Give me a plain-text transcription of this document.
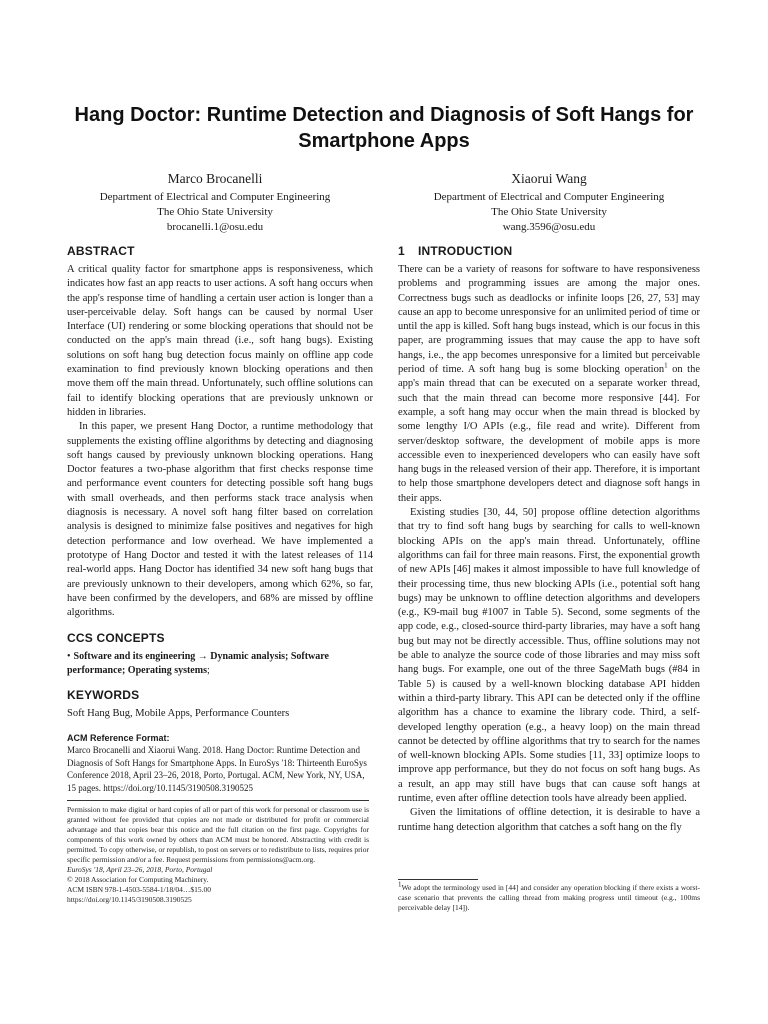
Hang Doctor: Runtime Detection and Diagnosis of Soft Hangs for Smartphone Apps
Marco Brocanelli
Department of Electrical and Computer Engineering
The Ohio State University
brocanelli.1@osu.edu
Xiaorui Wang
Department of Electrical and Computer Engineering
The Ohio State University
wang.3596@osu.edu
ABSTRACT

A critical quality factor for smartphone apps is responsiveness, which indicates how fast an app reacts to user actions. A soft hang occurs when the app's response time of handling a certain user action is longer than a user-perceivable delay. Soft hangs can be caused by normal User Interface (UI) rendering or some blocking operations that should not be conducted on the app's main thread (i.e., soft hang bugs). Existing solutions on soft hang bug detection focus mainly on offline app code examination to find previously known blocking operations and then move them off the main thread. Unfortunately, such offline solutions can fail to identify blocking operations that are previously unknown or hidden in libraries.

In this paper, we present Hang Doctor, a runtime methodology that supplements the existing offline algorithms by detecting and diagnosing soft hangs caused by previously unknown blocking operations. Hang Doctor features a two-phase algorithm that first checks response time and performance event counters for detecting possible soft hang bugs with small overheads, and then performs stack trace analysis when diagnosis is necessary. A novel soft hang filter based on correlation analysis is designed to minimize false positives and negatives for high detection performance and low overhead. We have implemented a prototype of Hang Doctor and tested it with the latest releases of 114 real-world apps. Hang Doctor has identified 34 new soft hang bugs that are previously unknown to their developers, among which 62%, so far, have been confirmed by the developers, and 68% are missed by offline algorithms.

CCS CONCEPTS
• Software and its engineering → Dynamic analysis; Software performance; Operating systems;
KEYWORDS
Soft Hang Bug, Mobile Apps, Performance Counters
ACM Reference Format:
Marco Brocanelli and Xiaorui Wang. 2018. Hang Doctor: Runtime Detection and Diagnosis of Soft Hangs for Smartphone Apps. In EuroSys '18: Thirteenth EuroSys Conference 2018, April 23–26, 2018, Porto, Portugal. ACM, New York, NY, USA, 15 pages. https://doi.org/10.1145/3190508.3190525
Permission to make digital or hard copies of all or part of this work for personal or classroom use is granted without fee provided that copies are not made or distributed for profit or commercial advantage and that copies bear this notice and the full citation on the first page. Copyrights for components of this work owned by others than ACM must be honored. Abstracting with credit is permitted. To copy otherwise, or republish, to post on servers or to redistribute to lists, requires prior specific permission and/or a fee. Request permissions from permissions@acm.org.
EuroSys '18, April 23–26, 2018, Porto, Portugal
© 2018 Association for Computing Machinery.
ACM ISBN 978-1-4503-5584-1/18/04…$15.00
https://doi.org/10.1145/3190508.3190525
1 INTRODUCTION

There can be a variety of reasons for software to have responsiveness problems and programming issues are among the major ones. Correctness bugs such as deadlocks or infinite loops [26, 27, 53] may cause an app to become unresponsive for an unlimited period of time or until the app is killed. Soft hang bugs instead, which is our focus in this paper, are programming issues that may cause the app to have soft hangs, i.e., the app becomes unresponsive for a limited but perceivable period of time. A soft hang bug is some blocking operation$^1$ on the app's main thread that can be executed on a separate worker thread, such that the main thread can become more responsive [44]. For example, a soft hang may occur when the main thread is blocked by some lengthy I/O APIs (e.g., file read and write). Different from server/desktop software, the development of mobile apps is more accessible even to inexperienced developers who can easily have soft hang bugs in the released version of their app. Therefore, it is important to help those smartphone developers detect and diagnose soft hangs in their apps.

Existing studies [30, 44, 50] propose offline detection algorithms that try to find soft hang bugs by searching for calls to well-known blocking APIs on the app's main thread. Unfortunately, offline algorithms can fail for three main reasons. First, the exponential growth of new APIs [46] makes it almost impossible to have full knowledge of their processing time, thus new blocking APIs (i.e., potential soft hang bugs) may be unknown to offline detection algorithms and developers (e.g., K9-mail bug #1007 in Table 5). Second, some segments of the app code, e.g., closed-source third-party libraries, may have a soft hang bug but may not be directly accessible. Thus, offline solutions may not be able to analyze the source code of those libraries and may miss soft hang bugs. For example, one out of the three SageMath bugs (#84 in Table 5) is caused by a well-known blocking database API hidden within a third-party library. This API can be detected only if the offline algorithm has a chance to examine the library code. Third, a self-developed lengthy operation (e.g., a heavy loop) on the main thread cannot be detected by offline algorithms that try to search for the names of well-known blocking APIs. Some studies [11, 33] optimize loops to improve app performance, but they do not focus on soft hang bugs. As a result, an app may still have bugs that can cause soft hangs at runtime, even after offline detection tools have already been applied.

Given the limitations of offline detection, it is desirable to have a runtime hang detection algorithm that catches a soft hang on the fly

$^1$We adopt the terminology used in [44] and consider any operation blocking if there exists a worst-case scenario that prevents the calling thread from making progress until timeout (e.g., 100ms perceivable delay [14]).
